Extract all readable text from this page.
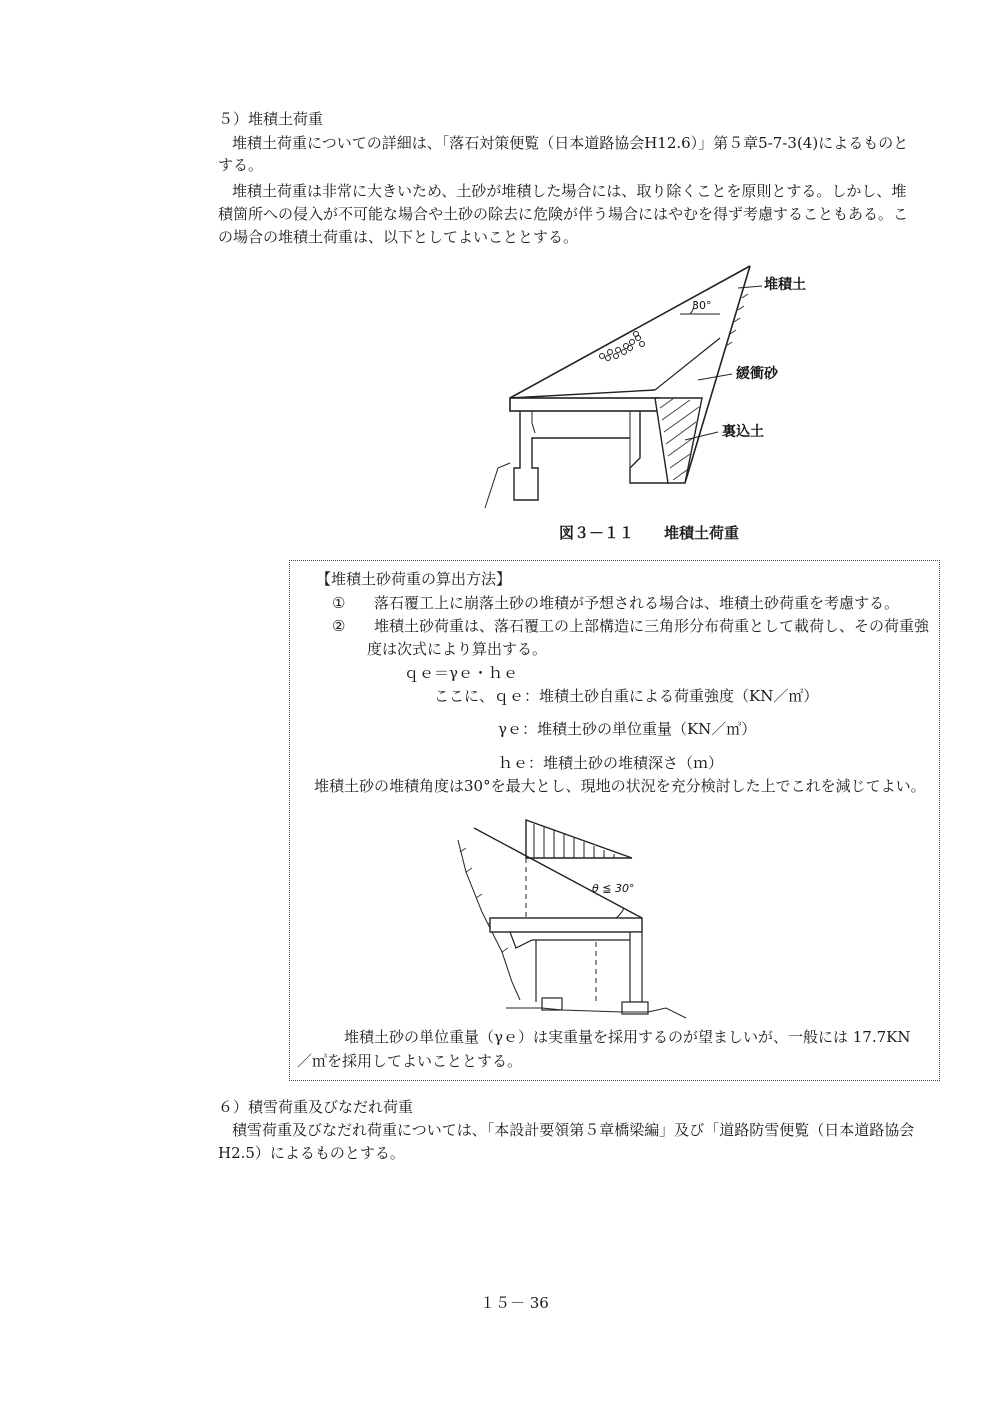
５）堆積土荷重
堆積土荷重についての詳細は、「落石対策便覧（日本道路協会H12.6）」第５章5-7-3(4)によるものと
する。
堆積土荷重は非常に大きいため、土砂が堆積した場合には、取り除くことを原則とする。しかし、堆
積箇所への侵入が不可能な場合や土砂の除去に危険が伴う場合にはやむを得ず考慮することもある。こ
の場合の堆積土荷重は、以下としてよいこととする。
堆積土
30°
緩衝砂
裏込土
図３－１１　　堆積土荷重
【堆積土砂荷重の算出方法】
① 落石覆工上に崩落土砂の堆積が予想される場合は、堆積土砂荷重を考慮する。
② 堆積土砂荷重は、落石覆工の上部構造に三角形分布荷重として載荷し、その荷重強
度は次式により算出する。
ｑｅ＝γｅ・ｈｅ
ここに、ｑｅ：堆積土砂自重による荷重強度（KN／㎡）
γｅ：堆積土砂の単位重量（KN／㎥）
ｈｅ：堆積土砂の堆積深さ（ｍ）
堆積土砂の堆積角度は30°を最大とし、現地の状況を充分検討した上でこれを減じてよい。
θ ≦ 30°
堆積土砂の単位重量（γｅ）は実重量を採用するのが望ましいが、一般には 17.7KN
／㎥を採用してよいこととする。
６）積雪荷重及びなだれ荷重
積雪荷重及びなだれ荷重については、「本設計要領第５章橋梁編」及び「道路防雪便覧（日本道路協会
H2.5）によるものとする。
１５－ 36
